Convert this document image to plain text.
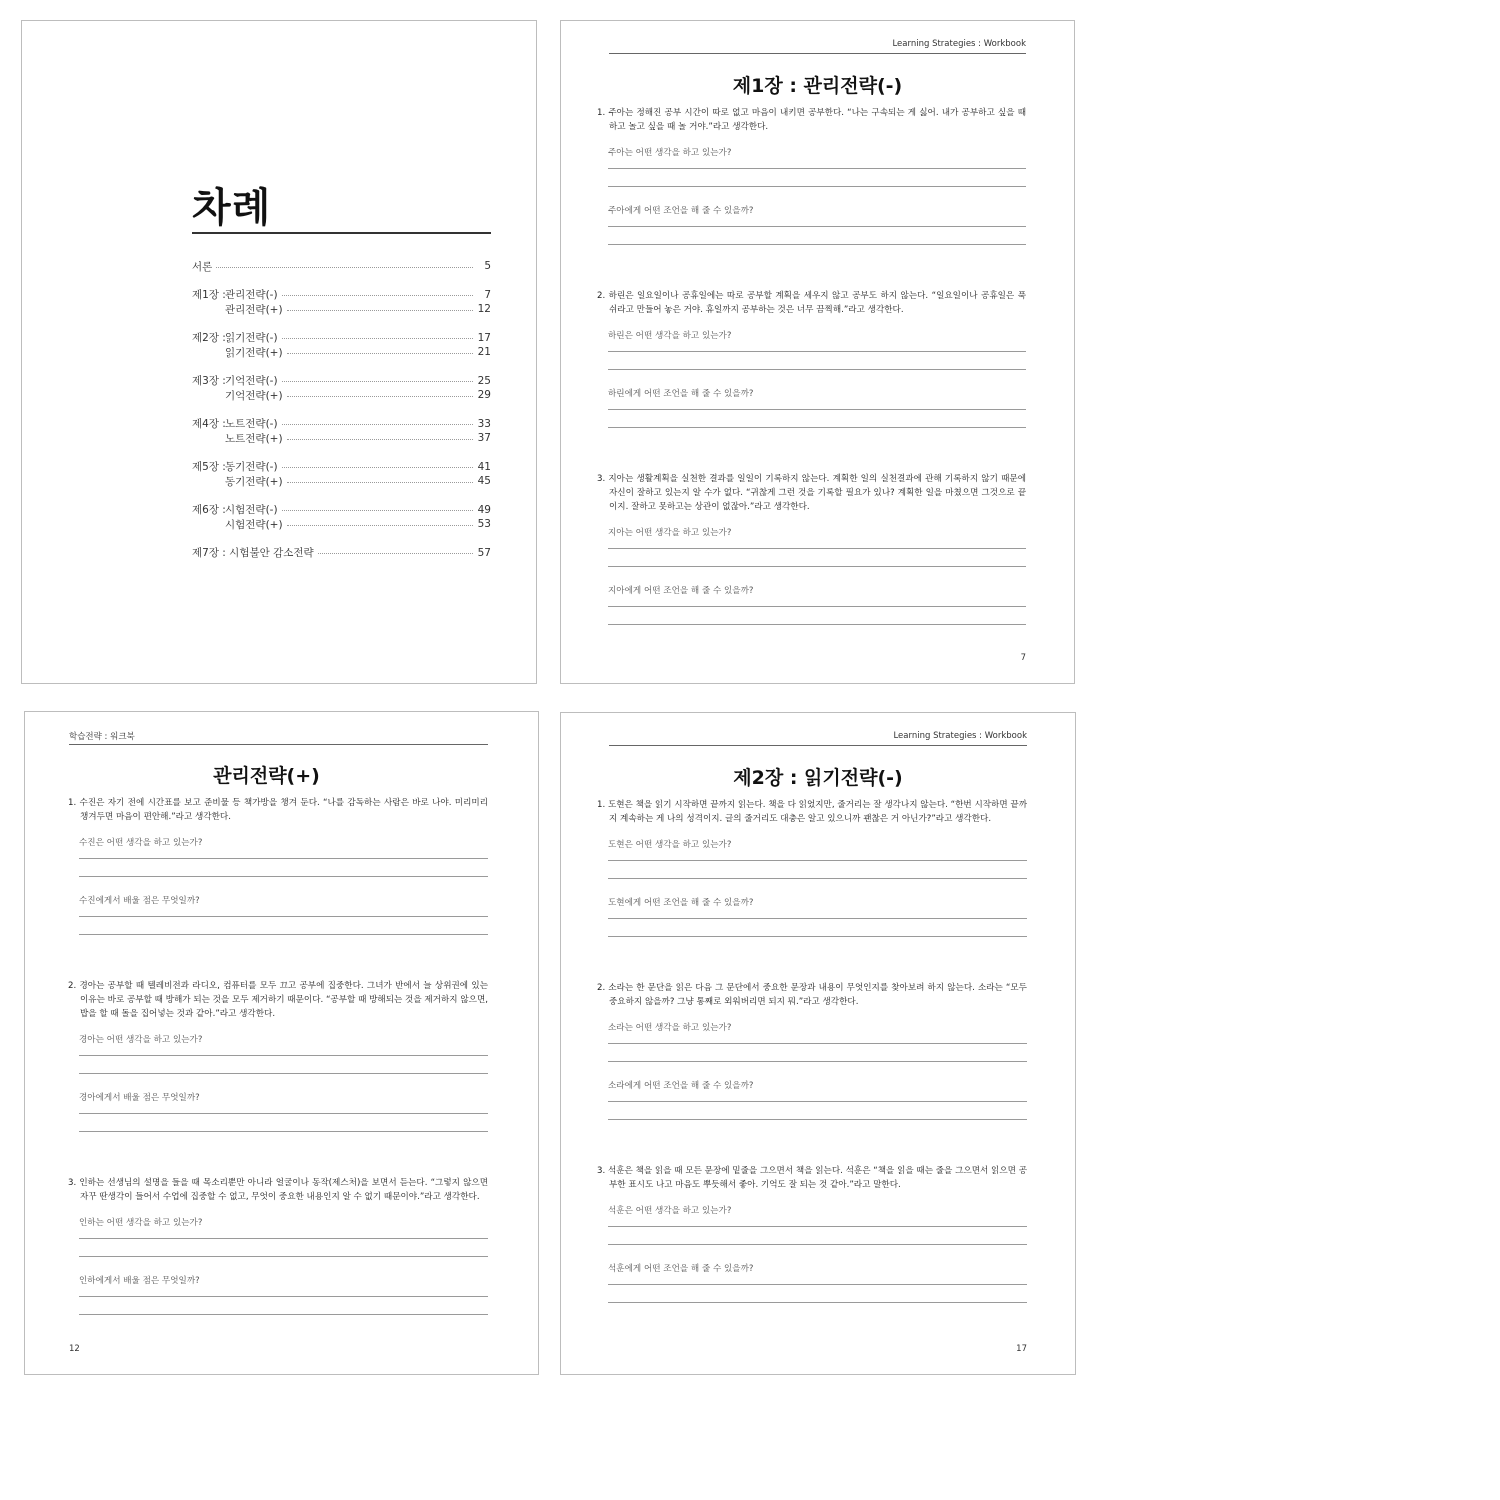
차례
서론	5
제1장 : 관리전략(-)	7
관리전략(+)	12
제2장 : 읽기전략(-)	17
읽기전략(+)	21
제3장 : 기억전략(-)	25
기억전략(+)	29
제4장 : 노트전략(-)	33
노트전략(+)	37
제5장 : 동기전략(-)	41
동기전략(+)	45
제6장 : 시험전략(-)	49
시험전략(+)	53
제7장 : 시험불안 감소전략	57
Learning Strategies : Workbook
제1장 : 관리전략(-)
1. 주아는 정해진 공부 시간이 따로 없고 마음이 내키면 공부한다. “나는 구속되는 게 싫어. 내가 공부하고 싶을 때 하고 놀고 싶을 때 놀 거야.”라고 생각한다.
주아는 어떤 생각을 하고 있는가?
주아에게 어떤 조언을 해 줄 수 있을까?
2. 하린은 일요일이나 공휴일에는 따로 공부할 계획을 세우지 않고 공부도 하지 않는다. “일요일이나 공휴일은 푹 쉬라고 만들어 놓은 거야. 휴일까지 공부하는 것은 너무 끔찍해.”라고 생각한다.
하린은 어떤 생각을 하고 있는가?
하린에게 어떤 조언을 해 줄 수 있을까?
3. 지아는 생활계획을 실천한 결과를 일일이 기록하지 않는다. 계획한 일의 실천결과에 관해 기록하지 않기 때문에 자신이 잘하고 있는지 알 수가 없다. “귀찮게 그런 것을 기록할 필요가 있나? 계획한 일을 마쳤으면 그것으로 끝이지. 잘하고 못하고는 상관이 없잖아.”라고 생각한다.
지아는 어떤 생각을 하고 있는가?
지아에게 어떤 조언을 해 줄 수 있을까?
7
학습전략 : 워크북
관리전략(+)
1. 수진은 자기 전에 시간표를 보고 준비물 등 책가방을 챙겨 둔다. “나를 감독하는 사람은 바로 나야. 미리미리 챙겨두면 마음이 편안해.”라고 생각한다.
수진은 어떤 생각을 하고 있는가?
수진에게서 배울 점은 무엇일까?
2. 경아는 공부할 때 텔레비전과 라디오, 컴퓨터를 모두 끄고 공부에 집중한다. 그녀가 반에서 늘 상위권에 있는 이유는 바로 공부할 때 방해가 되는 것을 모두 제거하기 때문이다. “공부할 때 방해되는 것을 제거하지 않으면, 밥을 할 때 돌을 집어넣는 것과 같아.”라고 생각한다.
경아는 어떤 생각을 하고 있는가?
경아에게서 배울 점은 무엇일까?
3. 인하는 선생님의 설명을 들을 때 목소리뿐만 아니라 얼굴이나 동작(제스처)을 보면서 듣는다. “그렇지 않으면 자꾸 딴생각이 들어서 수업에 집중할 수 없고, 무엇이 중요한 내용인지 알 수 없기 때문이야.”라고 생각한다.
인하는 어떤 생각을 하고 있는가?
인하에게서 배울 점은 무엇일까?
12
Learning Strategies : Workbook
제2장 : 읽기전략(-)
1. 도현은 책을 읽기 시작하면 끝까지 읽는다. 책을 다 읽었지만, 줄거리는 잘 생각나지 않는다. “한번 시작하면 끝까지 계속하는 게 나의 성격이지. 글의 줄거리도 대충은 알고 있으니까 괜찮은 거 아닌가?”라고 생각한다.
도현은 어떤 생각을 하고 있는가?
도현에게 어떤 조언을 해 줄 수 있을까?
2. 소라는 한 문단을 읽은 다음 그 문단에서 중요한 문장과 내용이 무엇인지를 찾아보려 하지 않는다. 소라는 “모두 중요하지 않을까? 그냥 통째로 외워버리면 되지 뭐.”라고 생각한다.
소라는 어떤 생각을 하고 있는가?
소라에게 어떤 조언을 해 줄 수 있을까?
3. 석훈은 책을 읽을 때 모든 문장에 밑줄을 그으면서 책을 읽는다. 석훈은 “책을 읽을 때는 줄을 그으면서 읽으면 공부한 표시도 나고 마음도 뿌듯해서 좋아. 기억도 잘 되는 것 같아.”라고 말한다.
석훈은 어떤 생각을 하고 있는가?
석훈에게 어떤 조언을 해 줄 수 있을까?
17
